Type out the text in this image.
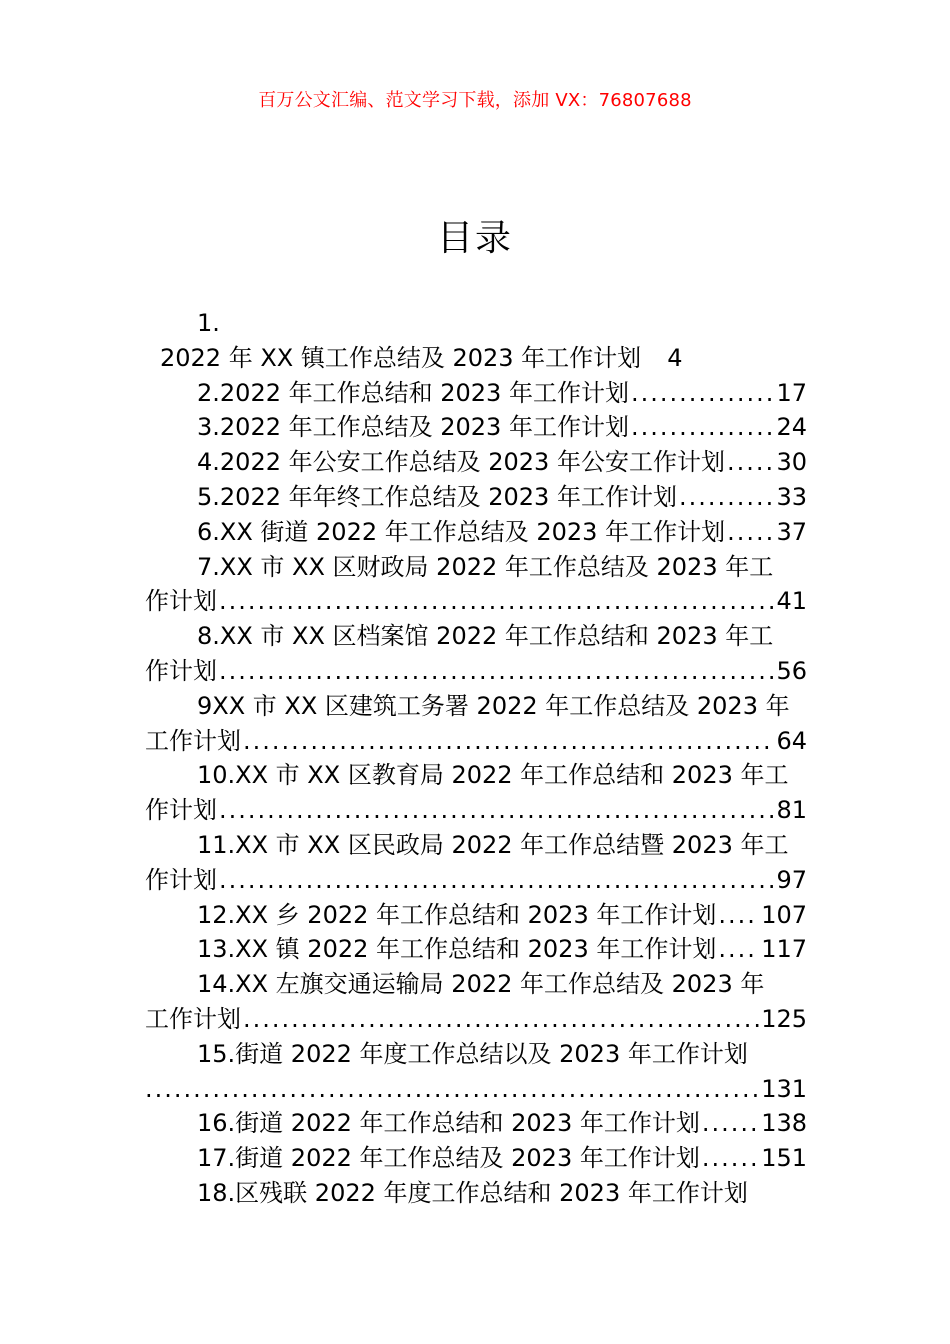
百万公文汇编、范文学习下载，添加 VX：76807688
目录
1.
2022 年 XX 镇工作总结及 2023 年工作计划 4
2.2022 年工作总结和 2023 年工作计划 .....	17
3.2022 年工作总结及 2023 年工作计划 .....	24
4.2022 年公安工作总结及 2023 年公安工作计划 ..... 30
5.2022 年年终工作总结及 2023 年工作计划 .....	33
6.XX 街道 2022 年工作总结及 2023 年工作计划 ..... 37
7.XX 市 XX 区财政局 2022 年工作总结及 2023 年工
作计划 .....	41
8.XX 市 XX 区档案馆 2022 年工作总结和 2023 年工
作计划 .....	56
9XX 市 XX 区建筑工务署 2022 年工作总结及 2023 年
工作计划 .....	64
10.XX 市 XX 区教育局 2022 年工作总结和 2023 年工
作计划 .....	81
11.XX 市 XX 区民政局 2022 年工作总结暨 2023 年工
作计划 .....	97
12.XX 乡 2022 年工作总结和 2023 年工作计划 ..... 107
13.XX 镇 2022 年工作总结和 2023 年工作计划 ..... 117
14.XX 左旗交通运输局 2022 年工作总结及 2023 年
工作计划 .....	125
15.街道 2022 年度工作总结以及 2023 年工作计划
.....
131
16.街道 2022 年工作总结和 2023 年工作计划 .....	138
17.街道 2022 年工作总结及 2023 年工作计划 .....	151
18.区残联 2022 年度工作总结和 2023 年工作计划
